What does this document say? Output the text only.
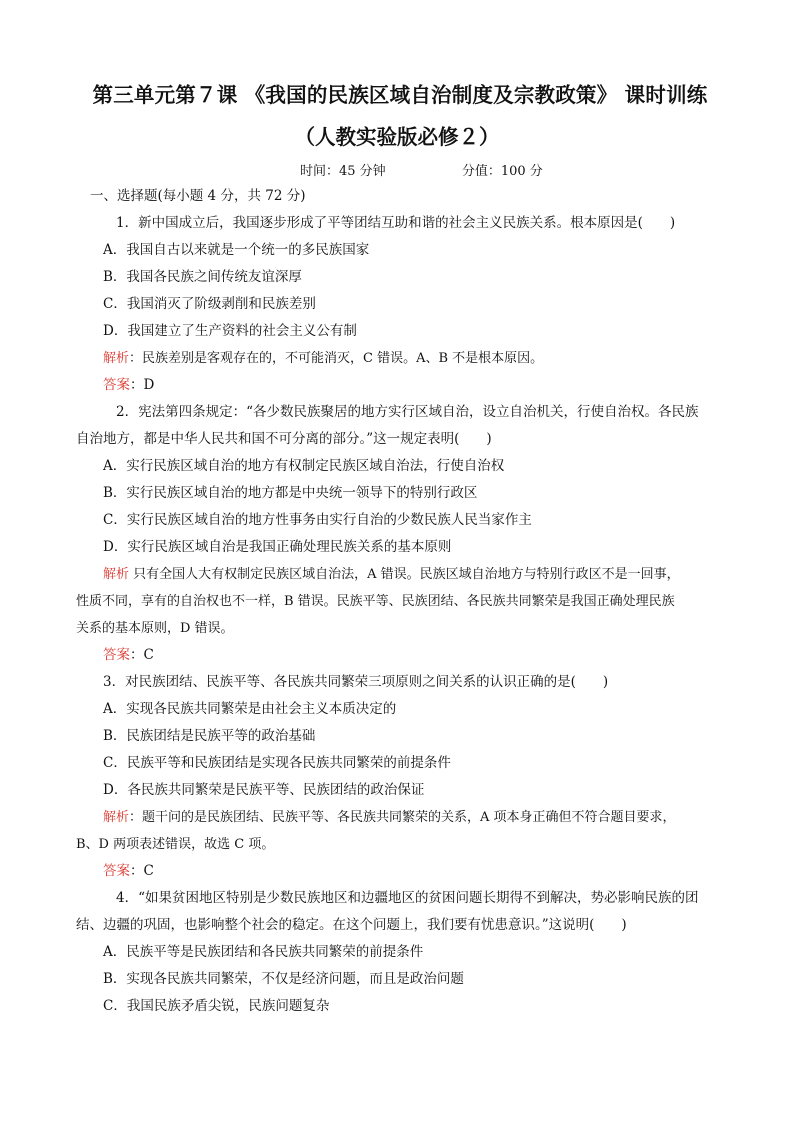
第三单元第７课 《我国的民族区域自治制度及宗教政策》 课时训练
（人教实验版必修２）
时间：45 分钟	分值：100 分

一、选择题(每小题 4 分，共 72 分)

1．新中国成立后，我国逐步形成了平等团结互助和谐的社会主义民族关系。根本原因是(　　)

A．我国自古以来就是一个统一的多民族国家

B．我国各民族之间传统友谊深厚

C．我国消灭了阶级剥削和民族差别

D．我国建立了生产资料的社会主义公有制

解析：民族差别是客观存在的，不可能消灭，C 错误。A、B 不是根本原因。

答案：D

2．宪法第四条规定：“各少数民族聚居的地方实行区域自治，设立自治机关，行使自治权。各民族

自治地方，都是中华人民共和国不可分离的部分。”这一规定表明(　　)

A．实行民族区域自治的地方有权制定民族区域自治法，行使自治权

B．实行民族区域自治的地方都是中央统一领导下的特别行政区

C．实行民族区域自治的地方性事务由实行自治的少数民族人民当家作主

D．实行民族区域自治是我国正确处理民族关系的基本原则

解析 只有全国人大有权制定民族区域自治法，A 错误。民族区域自治地方与特别行政区不是一回事，

性质不同，享有的自治权也不一样，B 错误。民族平等、民族团结、各民族共同繁荣是我国正确处理民族

关系的基本原则，D 错误。

答案：C

3．对民族团结、民族平等、各民族共同繁荣三项原则之间关系的认识正确的是(　　)

A．实现各民族共同繁荣是由社会主义本质决定的

B．民族团结是民族平等的政治基础

C．民族平等和民族团结是实现各民族共同繁荣的前提条件

D．各民族共同繁荣是民族平等、民族团结的政治保证

解析：题干问的是民族团结、民族平等、各民族共同繁荣的关系，A 项本身正确但不符合题目要求，

B、D 两项表述错误，故选 C 项。

答案：C

4．“如果贫困地区特别是少数民族地区和边疆地区的贫困问题长期得不到解决，势必影响民族的团

结、边疆的巩固，也影响整个社会的稳定。在这个问题上，我们要有忧患意识。”这说明(　　)

A．民族平等是民族团结和各民族共同繁荣的前提条件

B．实现各民族共同繁荣，不仅是经济问题，而且是政治问题

C．我国民族矛盾尖锐，民族问题复杂
